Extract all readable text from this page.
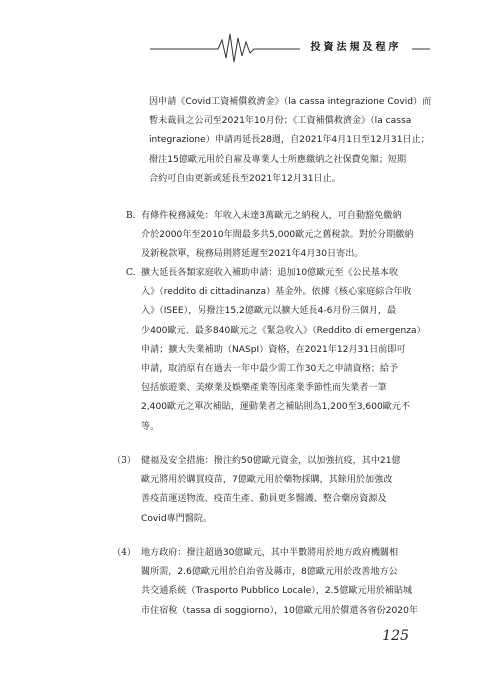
投資法規及程序
因申請《Covid工資補償救濟金》（la cassa integrazione Covid）而
暫未裁員之公司至2021年10月份；《工資補償救濟金》（la cassa
integrazione）申請再延長28週，自2021年4月1日至12月31日止；
撥注15億歐元用於自雇及專業人士所應繳納之社保費免額；短期
合約可自由更新或延長至2021年12月31日止。
B. 有條件稅務減免：年收入未達3萬歐元之納稅人，可自動豁免繳納
介於2000年至2010年間最多共5,000歐元之舊稅款。對於分期繳納
及新稅款單，稅務局則將延遲至2021年4月30日寄出。
C. 擴大延長各類家庭收入補助申請：追加10億歐元至《公民基本收
入》（reddito di cittadinanza）基金外。依據《核心家庭綜合年收
入》（ISEE），另撥注15.2億歐元以擴大延長4-6月份三個月，最
少400歐元、最多840歐元之《緊急收入》（Reddito di emergenza）
申請；擴大失業補助（NASpI）資格，在2021年12月31日前即可
申請，取消原有在過去一年中最少需工作30天之申請資格；給予
包括旅遊業、美療業及娛樂產業等因產業季節性而失業者一筆
2,400歐元之單次補貼，運動業者之補貼則為1,200至3,600歐元不
等。
（3） 健福及安全措施：撥注約50億歐元資金，以加強抗疫，其中21億
歐元將用於購買疫苗，7億歐元用於藥物採購，其餘用於加強改
善疫苗運送物流、疫苗生產、動員更多醫護、整合藥房資源及
Covid專門醫院。
（4） 地方政府：撥注超過30億歐元，其中半數將用於地方政府機關相
關所需，2.6億歐元用於自治省及縣市，8億歐元用於改善地方公
共交通系統（Trasporto Pubblico Locale），2.5億歐元用於補貼城
市住宿稅（tassa di soggiorno），10億歐元用於償還各省份2020年
125
